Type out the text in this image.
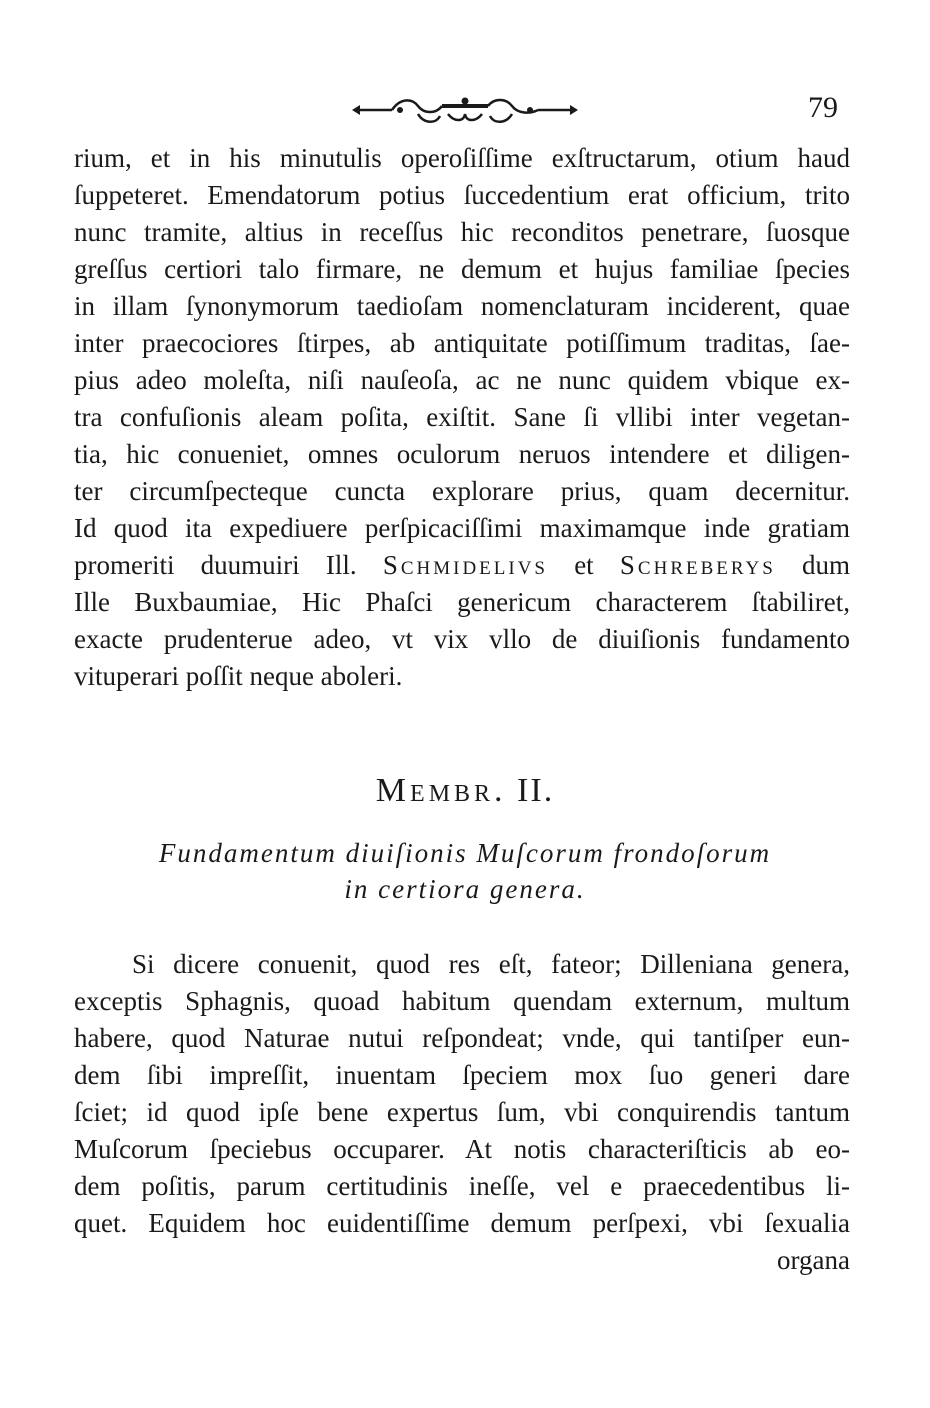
79
rium, et in his minutulis operoſiſſime exſtructarum, otium haud
ſuppeteret. Emendatorum potius ſuccedentium erat officium, trito
nunc tramite, altius in receſſus hic reconditos penetrare, ſuosque
greſſus certiori talo firmare, ne demum et hujus familiae ſpecies
in illam ſynonymorum taedioſam nomenclaturam inciderent, quae
inter praecociores ſtirpes, ab antiquitate potiſſimum traditas, ſae-
pius adeo moleſta, niſi nauſeoſa, ac ne nunc quidem vbique ex-
tra confuſionis aleam poſita, exiſtit. Sane ſi vllibi inter vegetan-
tia, hic conueniet, omnes oculorum neruos intendere et diligen-
ter circumſpecteque cuncta explorare prius, quam decernitur.
Id quod ita expediuere perſpicaciſſimi maximamque inde gratiam
promeriti duumuiri Ill. Schmidelivs et Schreberys dum
Ille Buxbaumiae, Hic Phaſci genericum characterem ſtabiliret,
exacte prudenterue adeo, vt vix vllo de diuiſionis fundamento
vituperari poſſit neque aboleri.
Membr. II.
Fundamentum diuiſionis Muſcorum frondoſorum
in certiora genera.
Si dicere conuenit, quod res eſt, fateor; Dilleniana genera,
exceptis Sphagnis, quoad habitum quendam externum, multum
habere, quod Naturae nutui reſpondeat; vnde, qui tantiſper eun-
dem ſibi impreſſit, inuentam ſpeciem mox ſuo generi dare
ſciet; id quod ipſe bene expertus ſum, vbi conquirendis tantum
Muſcorum ſpeciebus occuparer. At notis characteriſticis ab eo-
dem poſitis, parum certitudinis ineſſe, vel e praecedentibus li-
quet. Equidem hoc euidentiſſime demum perſpexi, vbi ſexualia
organa
